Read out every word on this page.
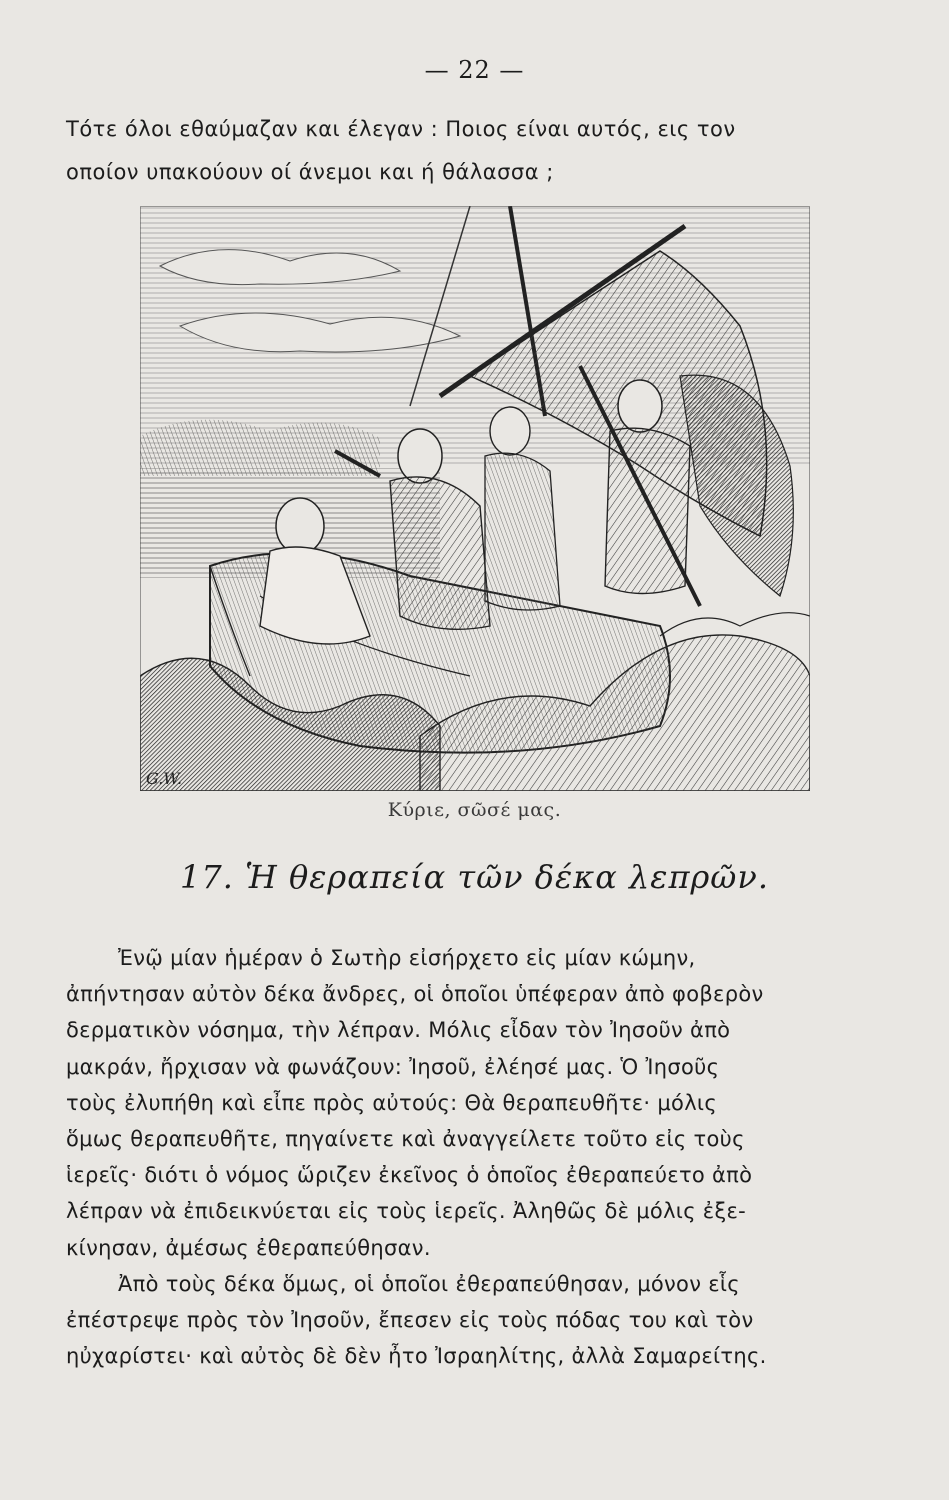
— 22 —
Τότε όλοι εθαύμαζαν και έλεγαν : Ποιος είναι αυτός, εις τον
οποίον υπακούουν οί άνεμοι και ή θάλασσα ;
G.W.
Κύριε, σῶσέ μας.
17. Ἡ θεραπεία τῶν δέκα λεπρῶν.
Ἐνῷ μίαν ἡμέραν ὁ Σωτὴρ εἰσήρχετο εἰς μίαν κώμην,
ἀπήντησαν αὐτὸν δέκα ἄνδρες, οἱ ὁποῖοι ὑπέφεραν ἀπὸ φοβερὸν
δερματικὸν νόσημα, τὴν λέπραν. Μόλις εἶδαν τὸν Ἰησοῦν ἀπὸ
μακράν, ἤρχισαν νὰ φωνάζουν: Ἰησοῦ, ἐλέησέ μας. Ὁ Ἰησοῦς
τοὺς ἐλυπήθη καὶ εἶπε πρὸς αὐτούς: Θὰ θεραπευθῆτε· μόλις
ὅμως θεραπευθῆτε, πηγαίνετε καὶ ἀναγγείλετε τοῦτο εἰς τοὺς
ἱερεῖς· διότι ὁ νόμος ὥριζεν ἐκεῖνος ὁ ὁποῖος ἐθεραπεύετο ἀπὸ
λέπραν νὰ ἐπιδεικνύεται εἰς τοὺς ἱερεῖς. Ἀληθῶς δὲ μόλις ἐξε-
κίνησαν, ἀμέσως ἐθεραπεύθησαν.
Ἀπὸ τοὺς δέκα ὅμως, οἱ ὁποῖοι ἐθεραπεύθησαν, μόνον εἷς
ἐπέστρεψε πρὸς τὸν Ἰησοῦν, ἔπεσεν εἰς τοὺς πόδας του καὶ τὸν
ηὐχαρίστει· καὶ αὐτὸς δὲ δὲν ἦτο Ἰσραηλίτης, ἀλλὰ Σαμαρείτης.
